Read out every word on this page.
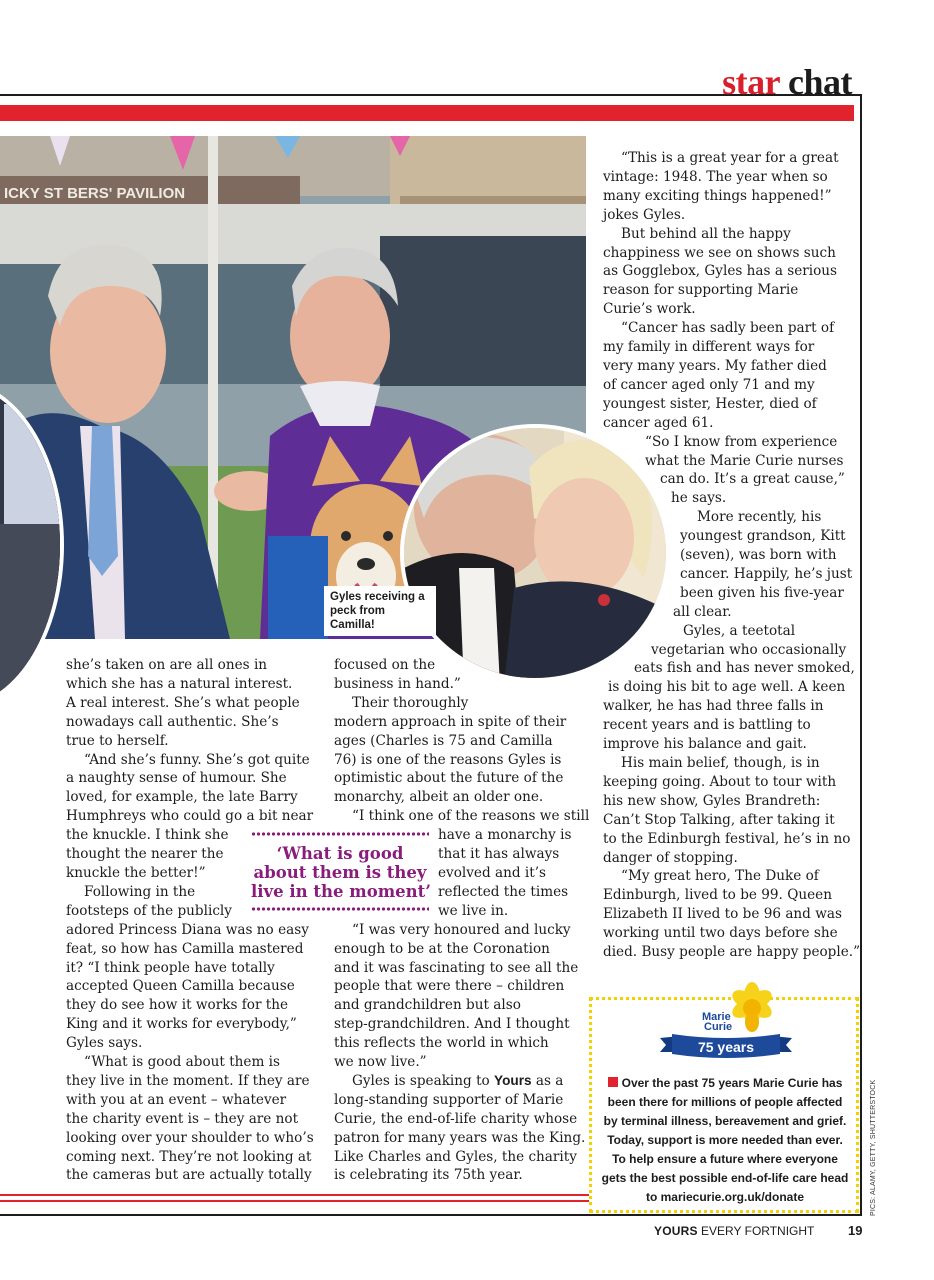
star chat
ICKY ST BERS' PAVILION
Gyles receiving a peck from Camilla!
she’s taken on are all ones in
which she has a natural interest.
A real interest. She’s what people
nowadays call authentic. She’s
true to herself.
“And she’s funny. She’s got quite
a naughty sense of humour. She
loved, for example, the late Barry
Humphreys who could go a bit near
the knuckle. I think she
thought the nearer the
knuckle the better!”
Following in the
footsteps of the publicly
adored Princess Diana was no easy
feat, so how has Camilla mastered
it? “I think people have totally
accepted Queen Camilla because
they do see how it works for the
King and it works for everybody,”
Gyles says.
“What is good about them is
they live in the moment. If they are
with you at an event – whatever
the charity event is – they are not
looking over your shoulder to who’s
coming next. They’re not looking at
the cameras but are actually totally
focused on the
business in hand.”
Their thoroughly
modern approach in spite of their
ages (Charles is 75 and Camilla
76) is one of the reasons Gyles is
optimistic about the future of the
monarchy, albeit an older one.
“I think one of the reasons we still
have a monarchy is
that it has always
evolved and it’s
reflected the times
we live in.
“I was very honoured and lucky
enough to be at the Coronation
and it was fascinating to see all the
people that were there – children
and grandchildren but also
step-grandchildren. And I thought
this reflects the world in which
we now live.”
Gyles is speaking to Yours as a
long-standing supporter of Marie
Curie, the end-of-life charity whose
patron for many years was the King.
Like Charles and Gyles, the charity
is celebrating its 75th year.
‘What is good
about them is they
live in the moment’
“This is a great year for a great
vintage: 1948. The year when so
many exciting things happened!”
jokes Gyles.
But behind all the happy
chappiness we see on shows such
as Gogglebox, Gyles has a serious
reason for supporting Marie
Curie’s work.
“Cancer has sadly been part of
my family in different ways for
very many years. My father died
of cancer aged only 71 and my
youngest sister, Hester, died of
cancer aged 61.
“So I know from experience
what the Marie Curie nurses
can do. It’s a great cause,”
he says.
More recently, his
youngest grandson, Kitt
(seven), was born with
cancer. Happily, he’s just
been given his five-year
all clear.
Gyles, a teetotal
vegetarian who occasionally
eats fish and has never smoked,
is doing his bit to age well. A keen
walker, he has had three falls in
recent years and is battling to
improve his balance and gait.
His main belief, though, is in
keeping going. About to tour with
his new show, Gyles Brandreth:
Can’t Stop Talking, after taking it
to the Edinburgh festival, he’s in no
danger of stopping.
“My great hero, The Duke of
Edinburgh, lived to be 99. Queen
Elizabeth II lived to be 96 and was
working until two days before she
died. Busy people are happy people.”
Marie
Curie
75 years
Over the past 75 years Marie Curie has
been there for millions of people affected
by terminal illness, bereavement and grief.
Today, support is more needed than ever.
To help ensure a future where everyone
gets the best possible end-of-life care head
to mariecurie.org.uk/donate	PICS: ALAMY, GETTY, SHUTTERSTOCK
YOURS EVERY FORTNIGHT	19
